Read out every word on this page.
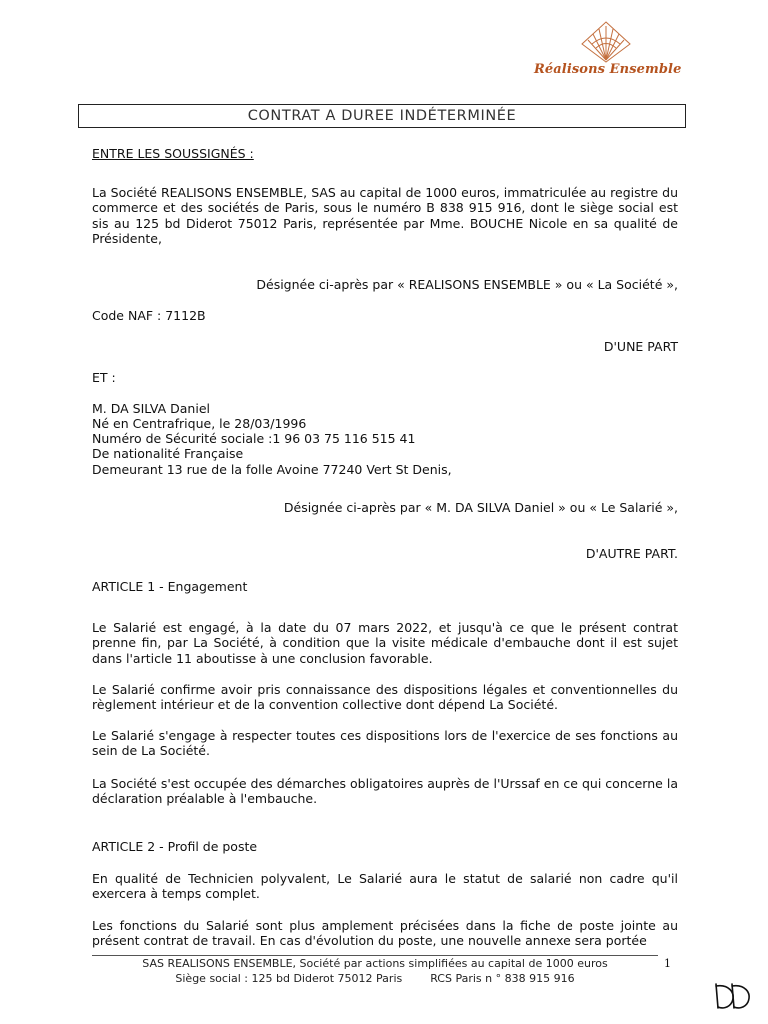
Réalisons Ensemble
CONTRAT A DUREE INDÉTERMINÉE
ENTRE LES SOUSSIGNÉS :

La Société REALISONS ENSEMBLE, SAS au capital de 1000 euros, immatriculée au registre du commerce et des sociétés de Paris, sous le numéro B 838 915 916, dont le siège social est sis au 125 bd Diderot 75012 Paris, représentée par Mme. BOUCHE Nicole en sa qualité de Présidente,

Désignée ci-après par « REALISONS ENSEMBLE » ou « La Société »,
Code NAF : 7112B
D'UNE PART
ET :
M. DA SILVA Daniel
Né en Centrafrique, le 28/03/1996
Numéro de Sécurité sociale :1 96 03 75 116 515 41
De nationalité Française
Demeurant 13 rue de la folle Avoine 77240 Vert St Denis,
Désignée ci-après par « M. DA SILVA Daniel » ou « Le Salarié »,
D'AUTRE PART.
ARTICLE 1 - Engagement

Le Salarié est engagé, à la date du 07 mars 2022, et jusqu'à ce que le présent contrat prenne fin, par La Société, à condition que la visite médicale d'embauche dont il est sujet dans l'article 11 aboutisse à une conclusion favorable.

Le Salarié confirme avoir pris connaissance des dispositions légales et conventionnelles du règlement intérieur et de la convention collective dont dépend La Société.

Le Salarié s'engage à respecter toutes ces dispositions lors de l'exercice de ses fonctions au sein de La Société.

La Société s'est occupée des démarches obligatoires auprès de l'Urssaf en ce qui concerne la déclaration préalable à l'embauche.

ARTICLE 2 - Profil de poste

En qualité de Technicien polyvalent, Le Salarié aura le statut de salarié non cadre qu'il exercera à temps complet.

Les fonctions du Salarié sont plus amplement précisées dans la fiche de poste jointe au présent contrat de travail. En cas d'évolution du poste, une nouvelle annexe sera portée

SAS REALISONS ENSEMBLE, Société par actions simplifiées au capital de 1000 euros
Siège social : 125 bd Diderot 75012 Paris        RCS Paris n ° 838 915 916
1
